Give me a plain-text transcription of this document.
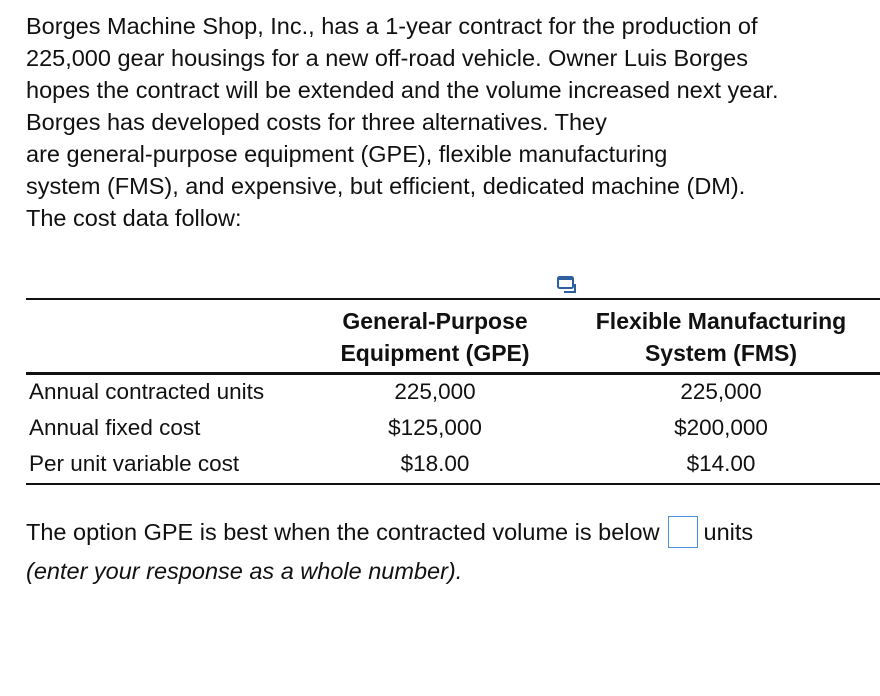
Borges Machine Shop, Inc., has a 1-year contract for the production of
225,000 gear housings for a new off-road vehicle. Owner Luis Borges
hopes the contract will be extended and the volume increased next year.
Borges has developed costs for three alternatives. They
are general-purpose equipment (GPE), flexible manufacturing
system (FMS), and expensive, but efficient, dedicated machine (DM).
The cost data follow:
General-Purpose
Equipment (GPE)
Flexible Manufacturing
System (FMS)
Annual contracted units	225,000	225,000
Annual fixed cost	$125,000	$200,000
Per unit variable cost	$18.00	$14.00
The option GPE is best when the contracted volume is below units
(enter your response as a whole number).
